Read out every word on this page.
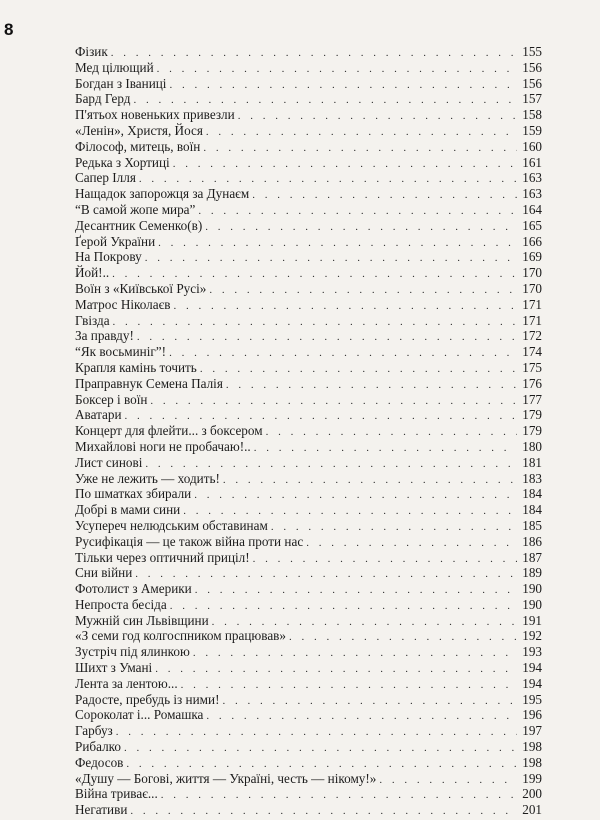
8
Фізик . . .	155
Мед цілющий . . .	156
Богдан з Іваниці . . .	156
Бард Герд . . .	157
П'ятьох новеньких привезли . . .	158
«Ленін», Христя, Йося . . .	159
Філософ, митець, воїн . . .	160
Редька з Хортиці . . .	161
Сапер Ілля . . .	163
Нащадок запорожця за Дунаєм . . .	163
“В самой жопе мира” . . .	164
Десантник Семенко(в) . . .	165
Ґерой України . . .	166
На Покрову . . .	169
Йой!.. . . .	170
Воїн з «Київської Русі» . . .	170
Матрос Ніколаєв . . .	171
Гвізда . . .	171
За правду! . . .	172
“Як восьминіг”! . . .	174
Крапля камінь точить . . .	175
Праправнук Семена Палія . . .	176
Боксер і воїн . . .	177
Аватари . . .	179
Концерт для флейти... з боксером . . .	179
Михайлові ноги не пробачаю!.. . . .	180
Лист синові . . .	181
Уже не лежить — ходить! . . .	183
По шматках збирали . . .	184
Добрі в мами сини . . .	184
Усупереч нелюдським обставинам . . .	185
Русифікація — це також війна проти нас . . .	186
Тільки через оптичний приціл! . . .	187
Сни війни . . .	189
Фотолист з Америки . . .	190
Непроста бесіда . . .	190
Мужній син Львівщини . . .	191
«З семи год колгоспником працював» . . .	192
Зустріч під ялинкою . . .	193
Шихт з Умані . . .	194
Лента за лентою... . . .	194
Радосте, пребудь із ними! . . .	195
Сороколат і... Ромашка . . .	196
Гарбуз . . .	197
Рибалко . . .	198
Федосов . . .	198
«Душу — Богові, життя — Україні, честь — нікому!» . . .	199
Війна триває... . . .	200
Негативи . . .	201
